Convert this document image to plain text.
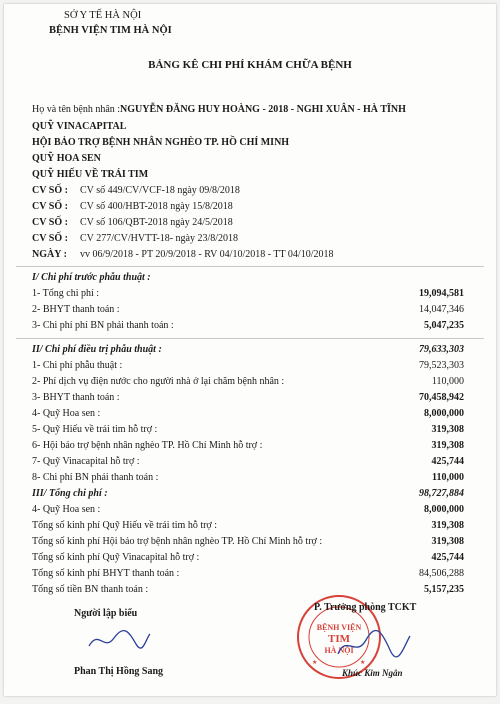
SỞ Y TẾ HÀ NỘI
BỆNH VIỆN TIM HÀ NỘI
BẢNG KÊ CHI PHÍ KHÁM CHỮA BỆNH
Họ và tên bệnh nhân :NGUYỄN ĐĂNG HUY HOÀNG - 2018 - NGHI XUÂN - HÀ TĨNH
QUỸ VINACAPITAL
HỘI BẢO TRỢ BỆNH NHÂN NGHÈO TP. HỒ CHÍ MINH
QUỸ HOA SEN
QUỸ HIẾU VỀ TRÁI TIM
CV SỐ : CV số 449/CV/VCF-18 ngày 09/8/2018
CV SỐ : CV số 400/HBT-2018 ngày 15/8/2018
CV SỐ : CV số 106/QBT-2018 ngày 24/5/2018
CV SỐ : CV 277/CV/HVTT-18- ngày 23/8/2018
NGÀY : vv 06/9/2018 - PT 20/9/2018 - RV 04/10/2018 - TT 04/10/2018
I/ Chi phí trước phẫu thuật :
1- Tổng chi phí :	19,094,581
2- BHYT thanh toán :	14,047,346
3- Chi phí phí BN phải thanh toán :	5,047,235
II/ Chi phí điều trị phẫu thuật :	79,633,303
1- Chi phí phẫu thuật :	79,523,303
2- Phí dịch vụ điện nước cho người nhà ở lại chăm bệnh nhân :	110,000
3- BHYT thanh toán :	70,458,942
4- Quỹ Hoa sen :	8,000,000
5- Quỹ Hiếu về trái tim hỗ trợ :	319,308
6- Hội bảo trợ bệnh nhân nghèo TP. Hồ Chí Minh hỗ trợ :	319,308
7- Quỹ Vinacapital hỗ trợ :	425,744
8- Chi phí BN phải thanh toán :	110,000
III/ Tổng chi phí :	98,727,884
4- Quỹ Hoa sen :	8,000,000
Tổng số kinh phí Quỹ Hiếu về trái tim hỗ trợ :	319,308
Tổng số kinh phí Hội bảo trợ bệnh nhân nghèo TP. Hồ Chí Minh hỗ trợ :	319,308
Tổng số kinh phí Quỹ Vinacapital hỗ trợ :	425,744
Tổng số kinh phí BHYT thanh toán :	84,506,288
Tổng số tiền BN thanh toán :	5,157,235
Người lập biểu
Phan Thị Hồng Sang
BỆNH VIỆN
TIM
HÀ NỘI
★	★
P. Trưởng phòng TCKT
Khúc Kim Ngân
